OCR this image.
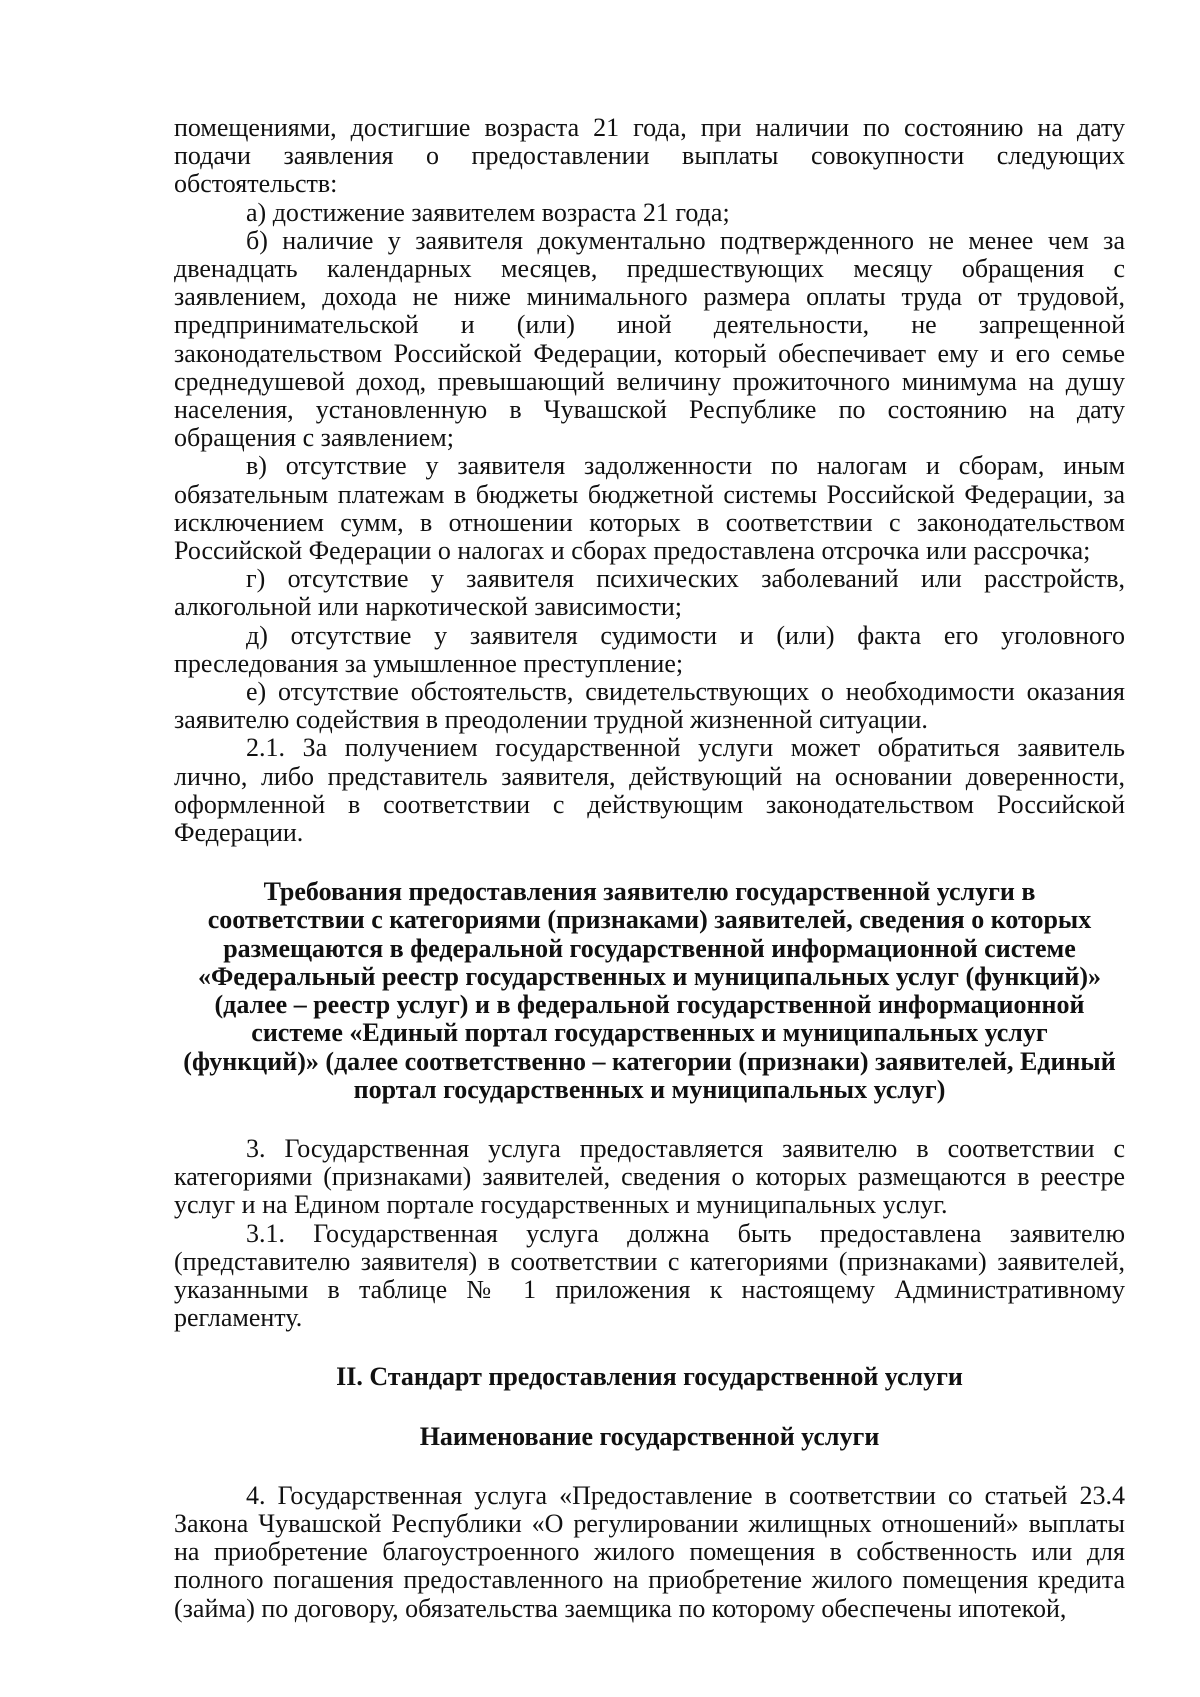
помещениями, достигшие возраста 21 года, при наличии по состоянию на дату подачи заявления о предоставлении выплаты совокупности следующих обстоятельств:

а) достижение заявителем возраста 21 года;

б) наличие у заявителя документально подтвержденного не менее чем за двенадцать календарных месяцев, предшествующих месяцу обращения с заявлением, дохода не ниже минимального размера оплаты труда от трудовой, предпринимательской и (или) иной деятельности, не запрещенной законодательством Российской Федерации, который обеспечивает ему и его семье среднедушевой доход, превышающий величину прожиточного минимума на душу населения, установленную в Чувашской Республике по состоянию на дату обращения с заявлением;

в) отсутствие у заявителя задолженности по налогам и сборам, иным обязательным платежам в бюджеты бюджетной системы Российской Федерации, за исключением сумм, в отношении которых в соответствии с законодательством Российской Федерации о налогах и сборах предоставлена отсрочка или рассрочка;

г) отсутствие у заявителя психических заболеваний или расстройств, алкогольной или наркотической зависимости;

д) отсутствие у заявителя судимости и (или) факта его уголовного преследования за умышленное преступление;

е) отсутствие обстоятельств, свидетельствующих о необходимости оказания заявителю содействия в преодолении трудной жизненной ситуации.

2.1. За получением государственной услуги может обратиться заявитель лично, либо представитель заявителя, действующий на основании доверенности, оформленной в соответствии с действующим законодательством Российской Федерации.

Требования предоставления заявителю государственной услуги в соответствии с категориями (признаками) заявителей, сведения о которых размещаются в федеральной государственной информационной системе «Федеральный реестр государственных и муниципальных услуг (функций)» (далее – реестр услуг) и в федеральной государственной информационной системе «Единый портал государственных и муниципальных услуг (функций)» (далее соответственно – категории (признаки) заявителей, Единый портал государственных и муниципальных услуг)

3. Государственная услуга предоставляется заявителю в соответствии с категориями (признаками) заявителей, сведения о которых размещаются в реестре услуг и на Едином портале государственных и муниципальных услуг.

3.1. Государственная услуга должна быть предоставлена заявителю (представителю заявителя) в соответствии с категориями (признаками) заявителей, указанными в таблице № 1 приложения к настоящему Административному регламенту.

II. Стандарт предоставления государственной услуги

Наименование государственной услуги

4. Государственная услуга «Предоставление в соответствии со статьей 23.4 Закона Чувашской Республики «О регулировании жилищных отношений» выплаты на приобретение благоустроенного жилого помещения в собственность или для полного погашения предоставленного на приобретение жилого помещения кредита (займа) по договору, обязательства заемщика по которому обеспечены ипотекой,
